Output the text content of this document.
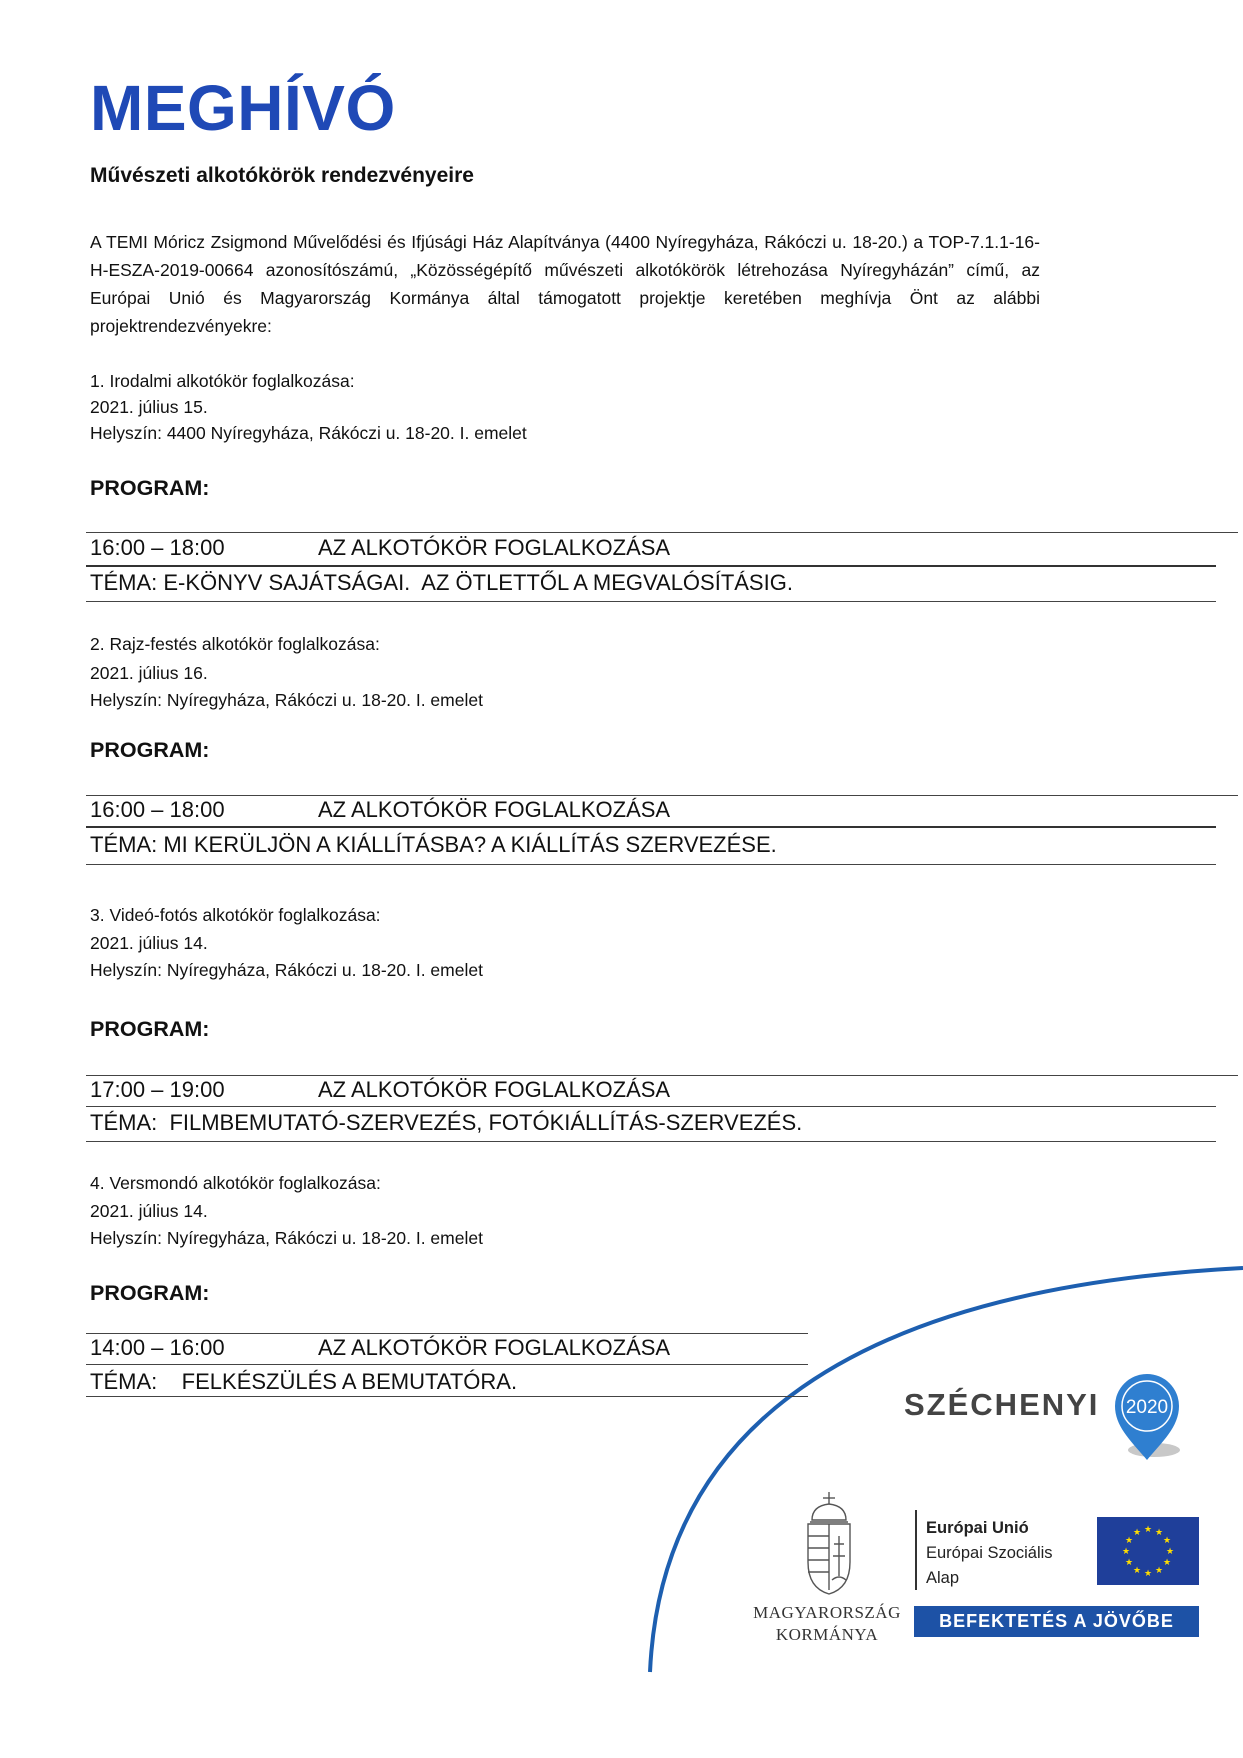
MEGHÍVÓ
Művészeti alkotókörök rendezvényeire
A TEMI Móricz Zsigmond Művelődési és Ifjúsági Ház Alapítványa (4400 Nyíregyháza, Rákóczi u. 18-20.) a TOP-7.1.1-16-H-ESZA-2019-00664 azonosítószámú, „Közösségépítő művészeti alkotókörök létrehozása Nyíregyházán” című, az Európai Unió és Magyarország Kormánya által támogatott projektje keretében meghívja Önt az alábbi projektrendezvényekre:
1. Irodalmi alkotókör foglalkozása:
2021. július 15.
Helyszín: 4400 Nyíregyháza, Rákóczi u. 18-20. I. emelet
PROGRAM:
16:00 – 18:00	AZ ALKOTÓKÖR FOGLALKOZÁSA
TÉMA: E-KÖNYV SAJÁTSÁGAI.  AZ ÖTLETTŐL A MEGVALÓSÍTÁSIG.
2. Rajz-festés alkotókör foglalkozása:
2021. július 16.
Helyszín: Nyíregyháza, Rákóczi u. 18-20. I. emelet
PROGRAM:
16:00 – 18:00	AZ ALKOTÓKÖR FOGLALKOZÁSA
TÉMA: MI KERÜLJÖN A KIÁLLÍTÁSBA? A KIÁLLÍTÁS SZERVEZÉSE.
3. Videó-fotós alkotókör foglalkozása:
2021. július 14.
Helyszín: Nyíregyháza, Rákóczi u. 18-20. I. emelet
PROGRAM:
17:00 – 19:00	AZ ALKOTÓKÖR FOGLALKOZÁSA
TÉMA:  FILMBEMUTATÓ-SZERVEZÉS, FOTÓKIÁLLÍTÁS-SZERVEZÉS.
4. Versmondó alkotókör foglalkozása:
2021. július 14.
Helyszín: Nyíregyháza, Rákóczi u. 18-20. I. emelet
PROGRAM:
14:00 – 16:00	AZ ALKOTÓKÖR FOGLALKOZÁSA
TÉMA:    FELKÉSZÜLÉS A BEMUTATÓRA.
SZÉCHENYI 2020
MAGYARORSZÁG
KORMÁNYA
Európai Unió
Európai Szociális
Alap
★ ★
★
★
★
★
★
★
★
★
★
★
BEFEKTETÉS A JÖVŐBE
